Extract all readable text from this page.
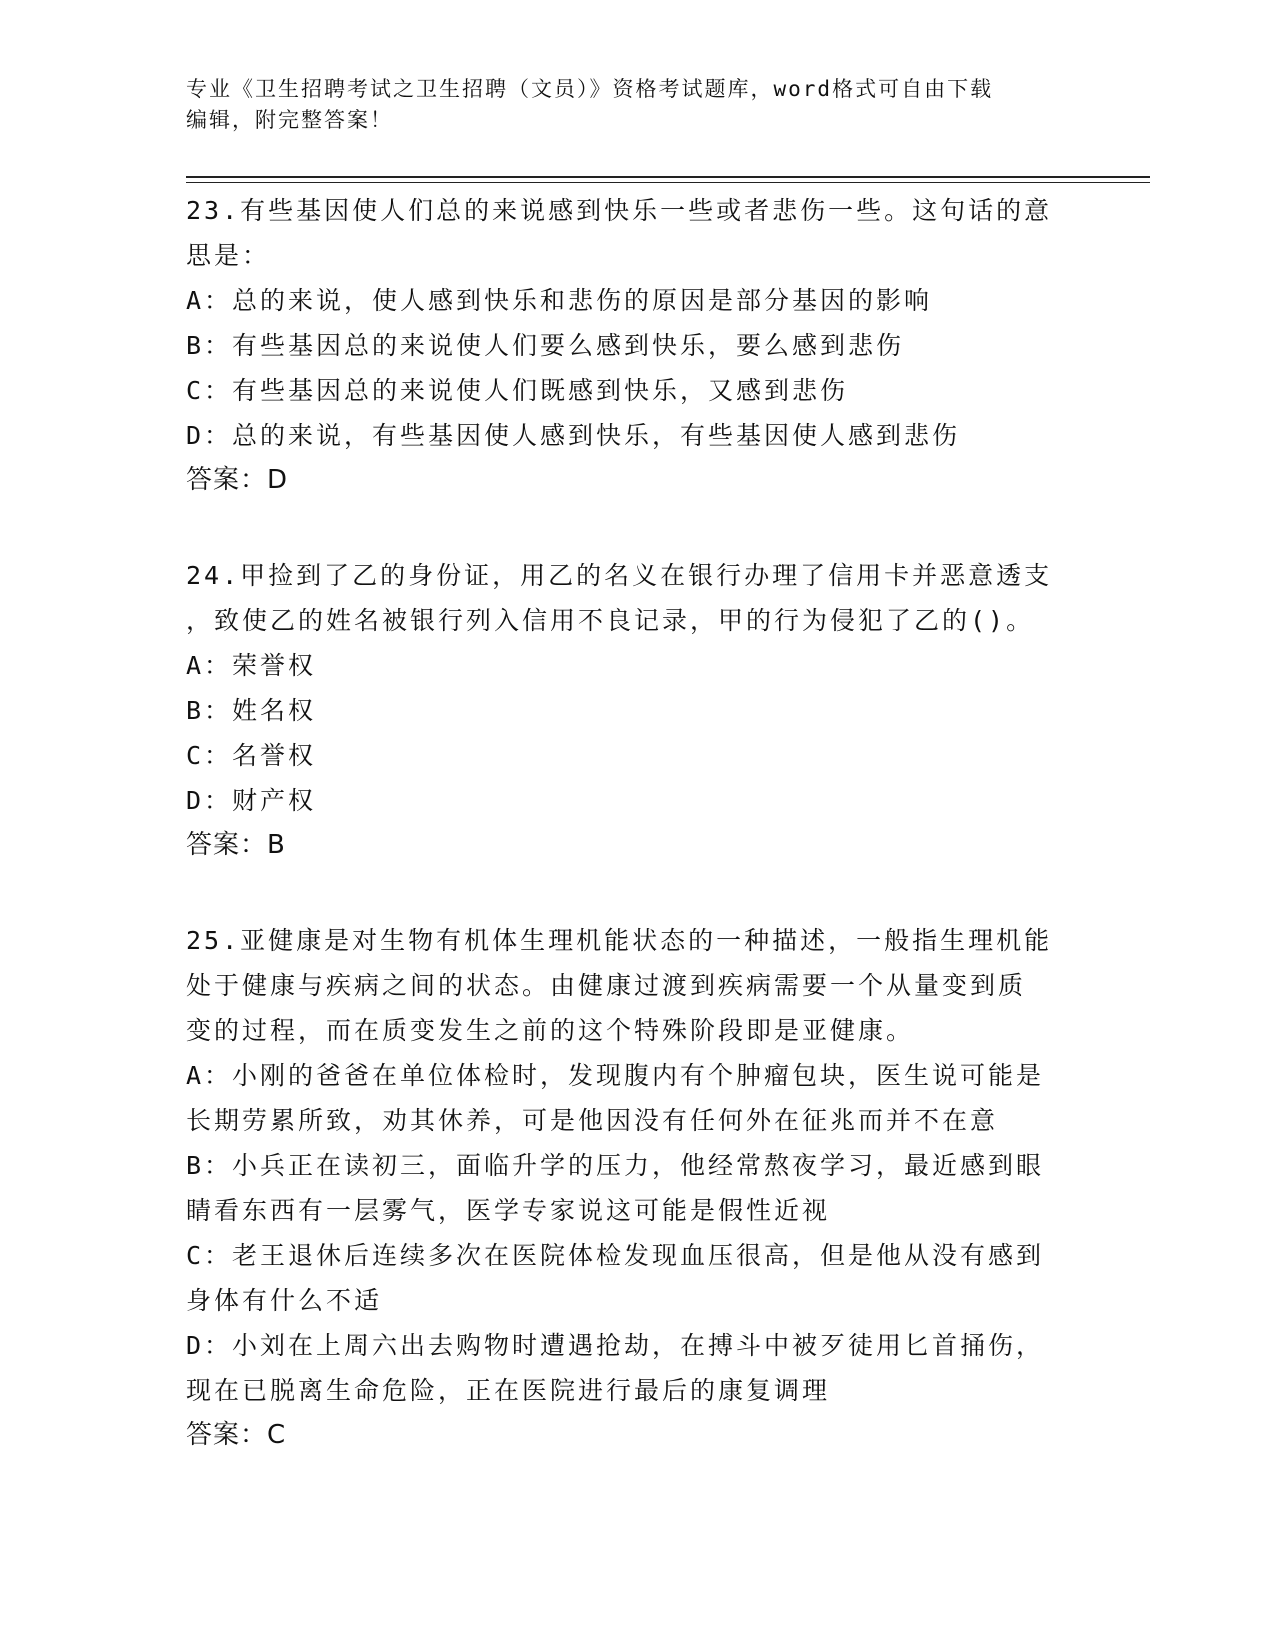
专业《卫生招聘考试之卫生招聘（文员）》资格考试题库，word格式可自由下载
编辑，附完整答案！
23.有些基因使人们总的来说感到快乐一些或者悲伤一些。这句话的意
思是：
A：总的来说，使人感到快乐和悲伤的原因是部分基因的影响
B：有些基因总的来说使人们要么感到快乐，要么感到悲伤
C：有些基因总的来说使人们既感到快乐，又感到悲伤
D：总的来说，有些基因使人感到快乐，有些基因使人感到悲伤
答案：D
24.甲捡到了乙的身份证，用乙的名义在银行办理了信用卡并恶意透支
，致使乙的姓名被银行列入信用不良记录，甲的行为侵犯了乙的()。
A：荣誉权
B：姓名权
C：名誉权
D：财产权
答案：B
25.亚健康是对生物有机体生理机能状态的一种描述，一般指生理机能
处于健康与疾病之间的状态。由健康过渡到疾病需要一个从量变到质
变的过程，而在质变发生之前的这个特殊阶段即是亚健康。
A：小刚的爸爸在单位体检时，发现腹内有个肿瘤包块，医生说可能是
长期劳累所致，劝其休养，可是他因没有任何外在征兆而并不在意
B：小兵正在读初三，面临升学的压力，他经常熬夜学习，最近感到眼
睛看东西有一层雾气，医学专家说这可能是假性近视
C：老王退休后连续多次在医院体检发现血压很高，但是他从没有感到
身体有什么不适
D：小刘在上周六出去购物时遭遇抢劫，在搏斗中被歹徒用匕首捅伤，
现在已脱离生命危险，正在医院进行最后的康复调理
答案：C
